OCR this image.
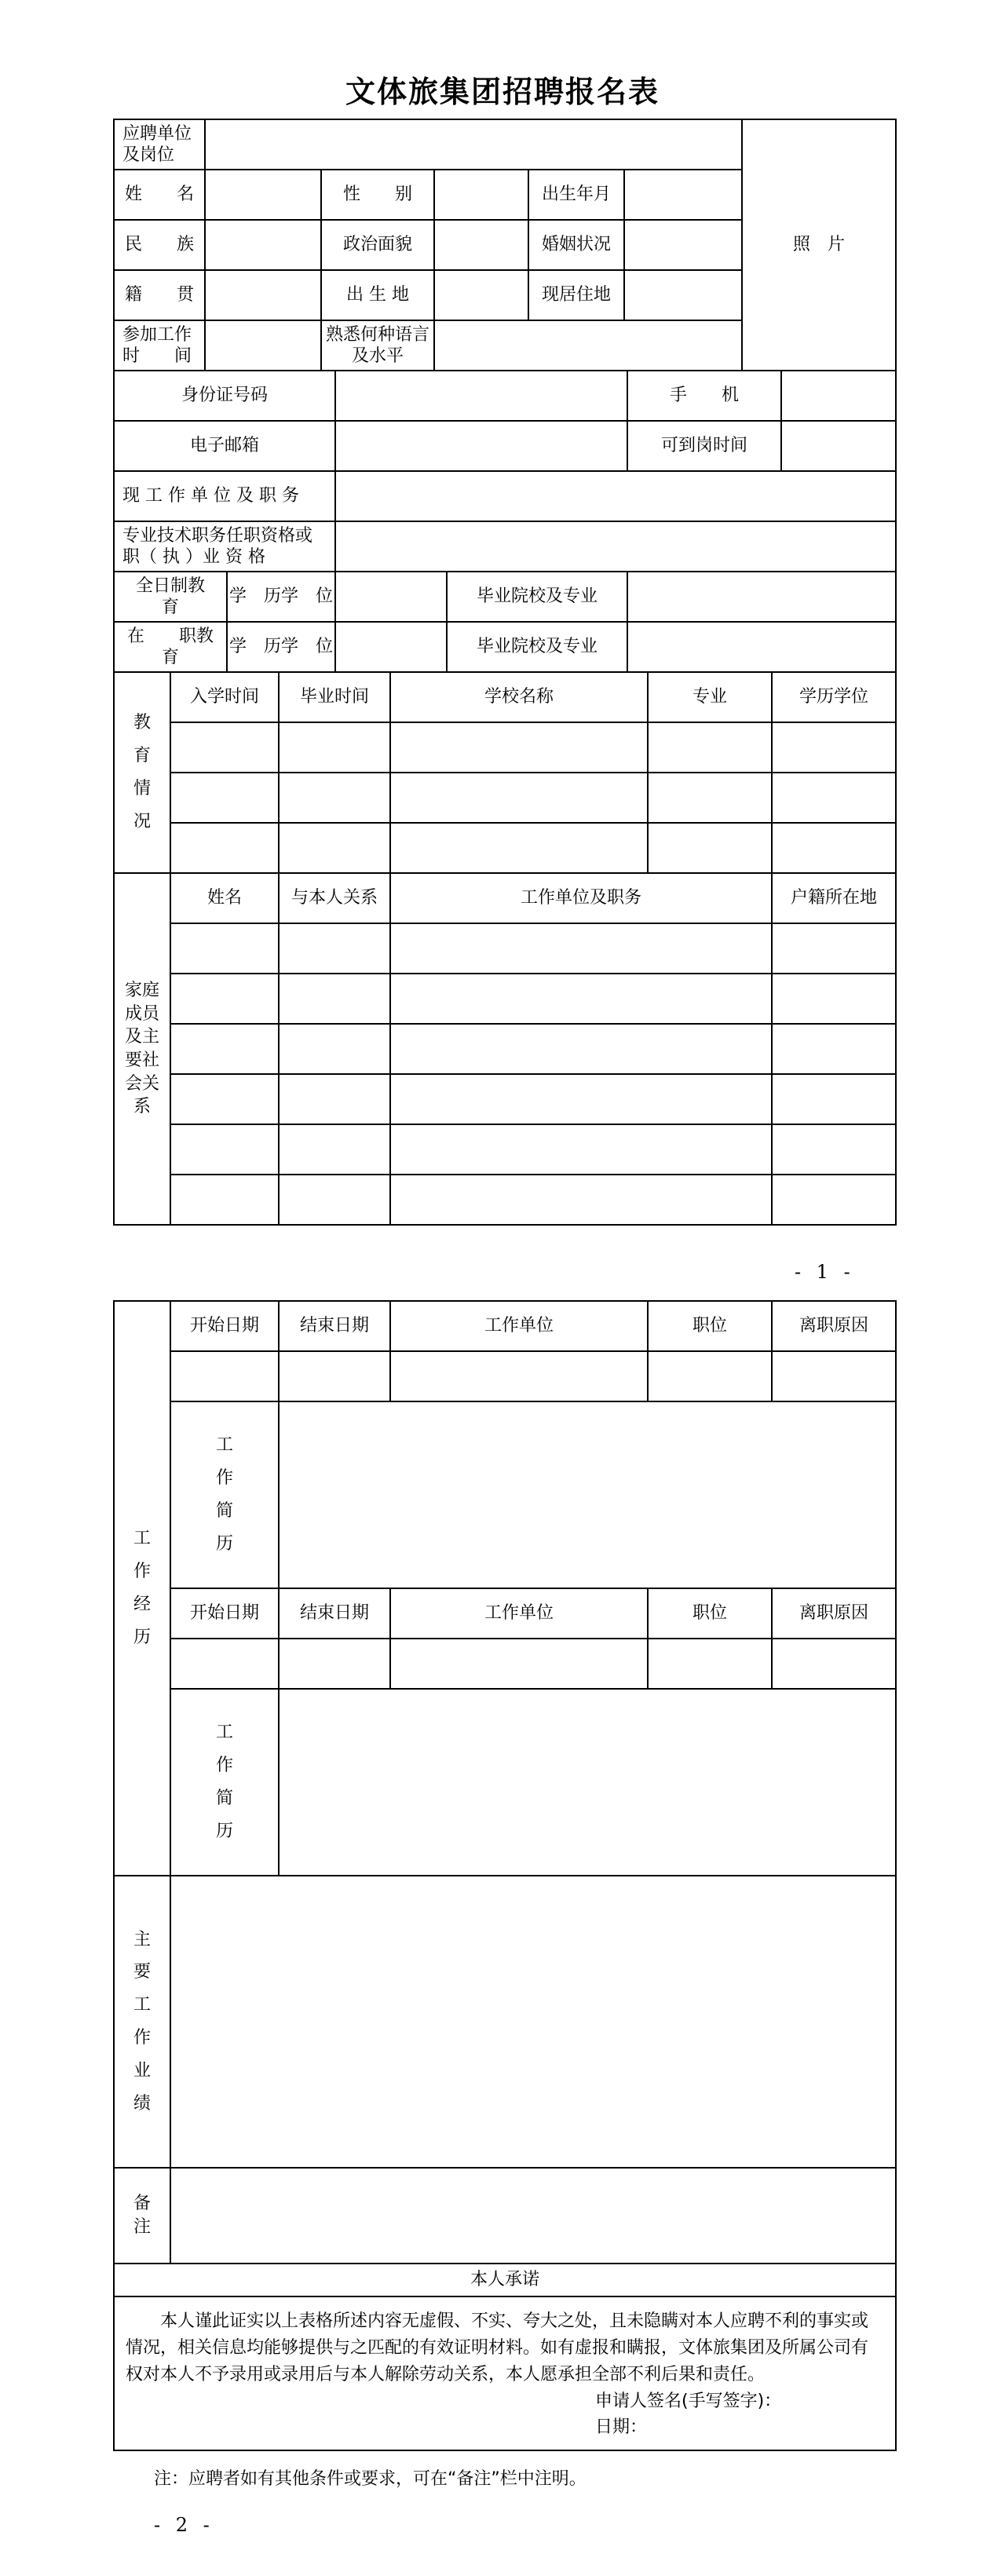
文体旅集团招聘报名表
应聘单位及岗位						照　片
姓　　名		性　　别		出生年月		
民　　族		政治面貌		婚姻状况		
籍　　贯		出 生 地		现居住地		
参加工作时　　间		熟悉何种语言及水平				
身份证号码				手　　机	
电子邮箱				可到岗时间	
现 工 作 单 位 及 职 务					
专业技术职务任职资格或 职（ 执 ）业 资 格					
全日制教　　育	学　历学　位		毕业院校及专业		
在　　职教　　育	学　历学　位		毕业院校及专业		
教育情况	入学时间	毕业时间	学校名称	专业	学历学位

家庭成员及主要社会关系	姓名	与本人关系	工作单位及职务	户籍所在地

- 1 -
工作经历	开始日期	结束日期	工作单位	职位	离职原因

	工作简历				
	开始日期	结束日期	工作单位	职位	离职原因

	工作简历				
主要工作业绩	
备注	
本人承诺	

本人谨此证实以上表格所述内容无虚假、不实、夸大之处，且未隐瞒对本人应聘不利的事实或情况，相关信息均能够提供与之匹配的有效证明材料。如有虚报和瞒报，文体旅集团及所属公司有权对本人不予录用或录用后与本人解除劳动关系，本人愿承担全部不利后果和责任。
申请人签名(手写签字)：
日期：	
注：应聘者如有其他条件或要求，可在“备注”栏中注明。
- 2 -
